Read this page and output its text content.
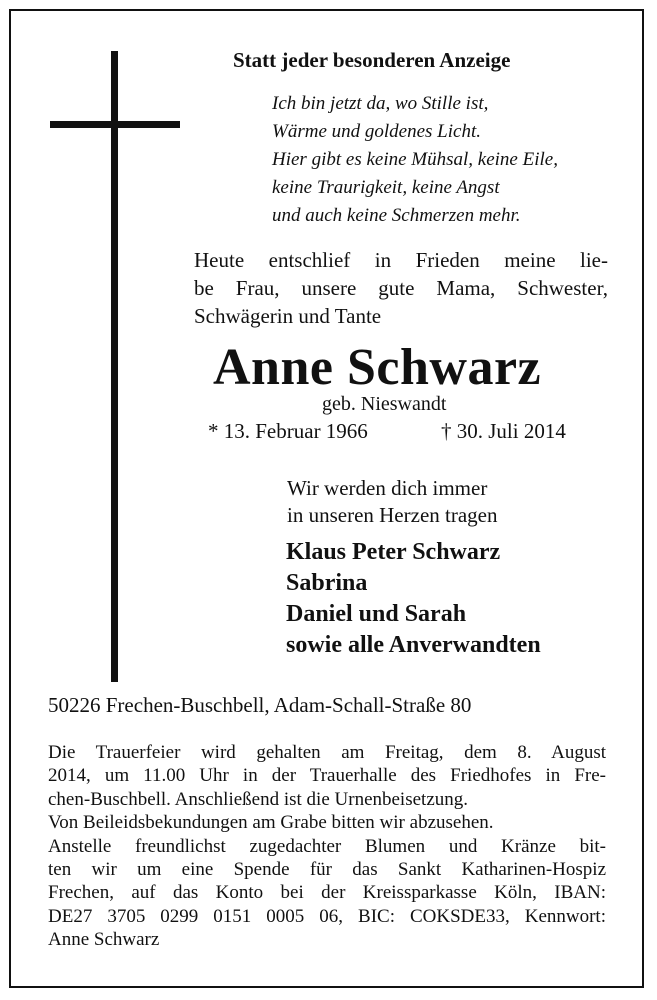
Statt jeder besonderen Anzeige
Ich bin jetzt da, wo Stille ist,
Wärme und goldenes Licht.
Hier gibt es keine Mühsal, keine Eile,
keine Traurigkeit, keine Angst
und auch keine Schmerzen mehr.
Heute entschlief in Frieden meine lie-
be Frau, unsere gute Mama, Schwester,
Schwägerin und Tante
Anne Schwarz
geb. Nieswandt
* 13. Februar 1966	† 30. Juli 2014
Wir werden dich immer
in unseren Herzen tragen
Klaus Peter Schwarz
Sabrina
Daniel und Sarah
sowie alle Anverwandten
50226 Frechen-Buschbell, Adam-Schall-Straße 80
Die Trauerfeier wird gehalten am Freitag, dem 8. August
2014, um 11.00 Uhr in der Trauerhalle des Friedhofes in Fre-
chen-Buschbell. Anschließend ist die Urnenbeisetzung.
Von Beileidsbekundungen am Grabe bitten wir abzusehen.
Anstelle freundlichst zugedachter Blumen und Kränze bit-
ten wir um eine Spende für das Sankt Katharinen-Hospiz
Frechen, auf das Konto bei der Kreissparkasse Köln, IBAN:
DE27 3705 0299 0151 0005 06, BIC: COKSDE33, Kennwort:
Anne Schwarz
